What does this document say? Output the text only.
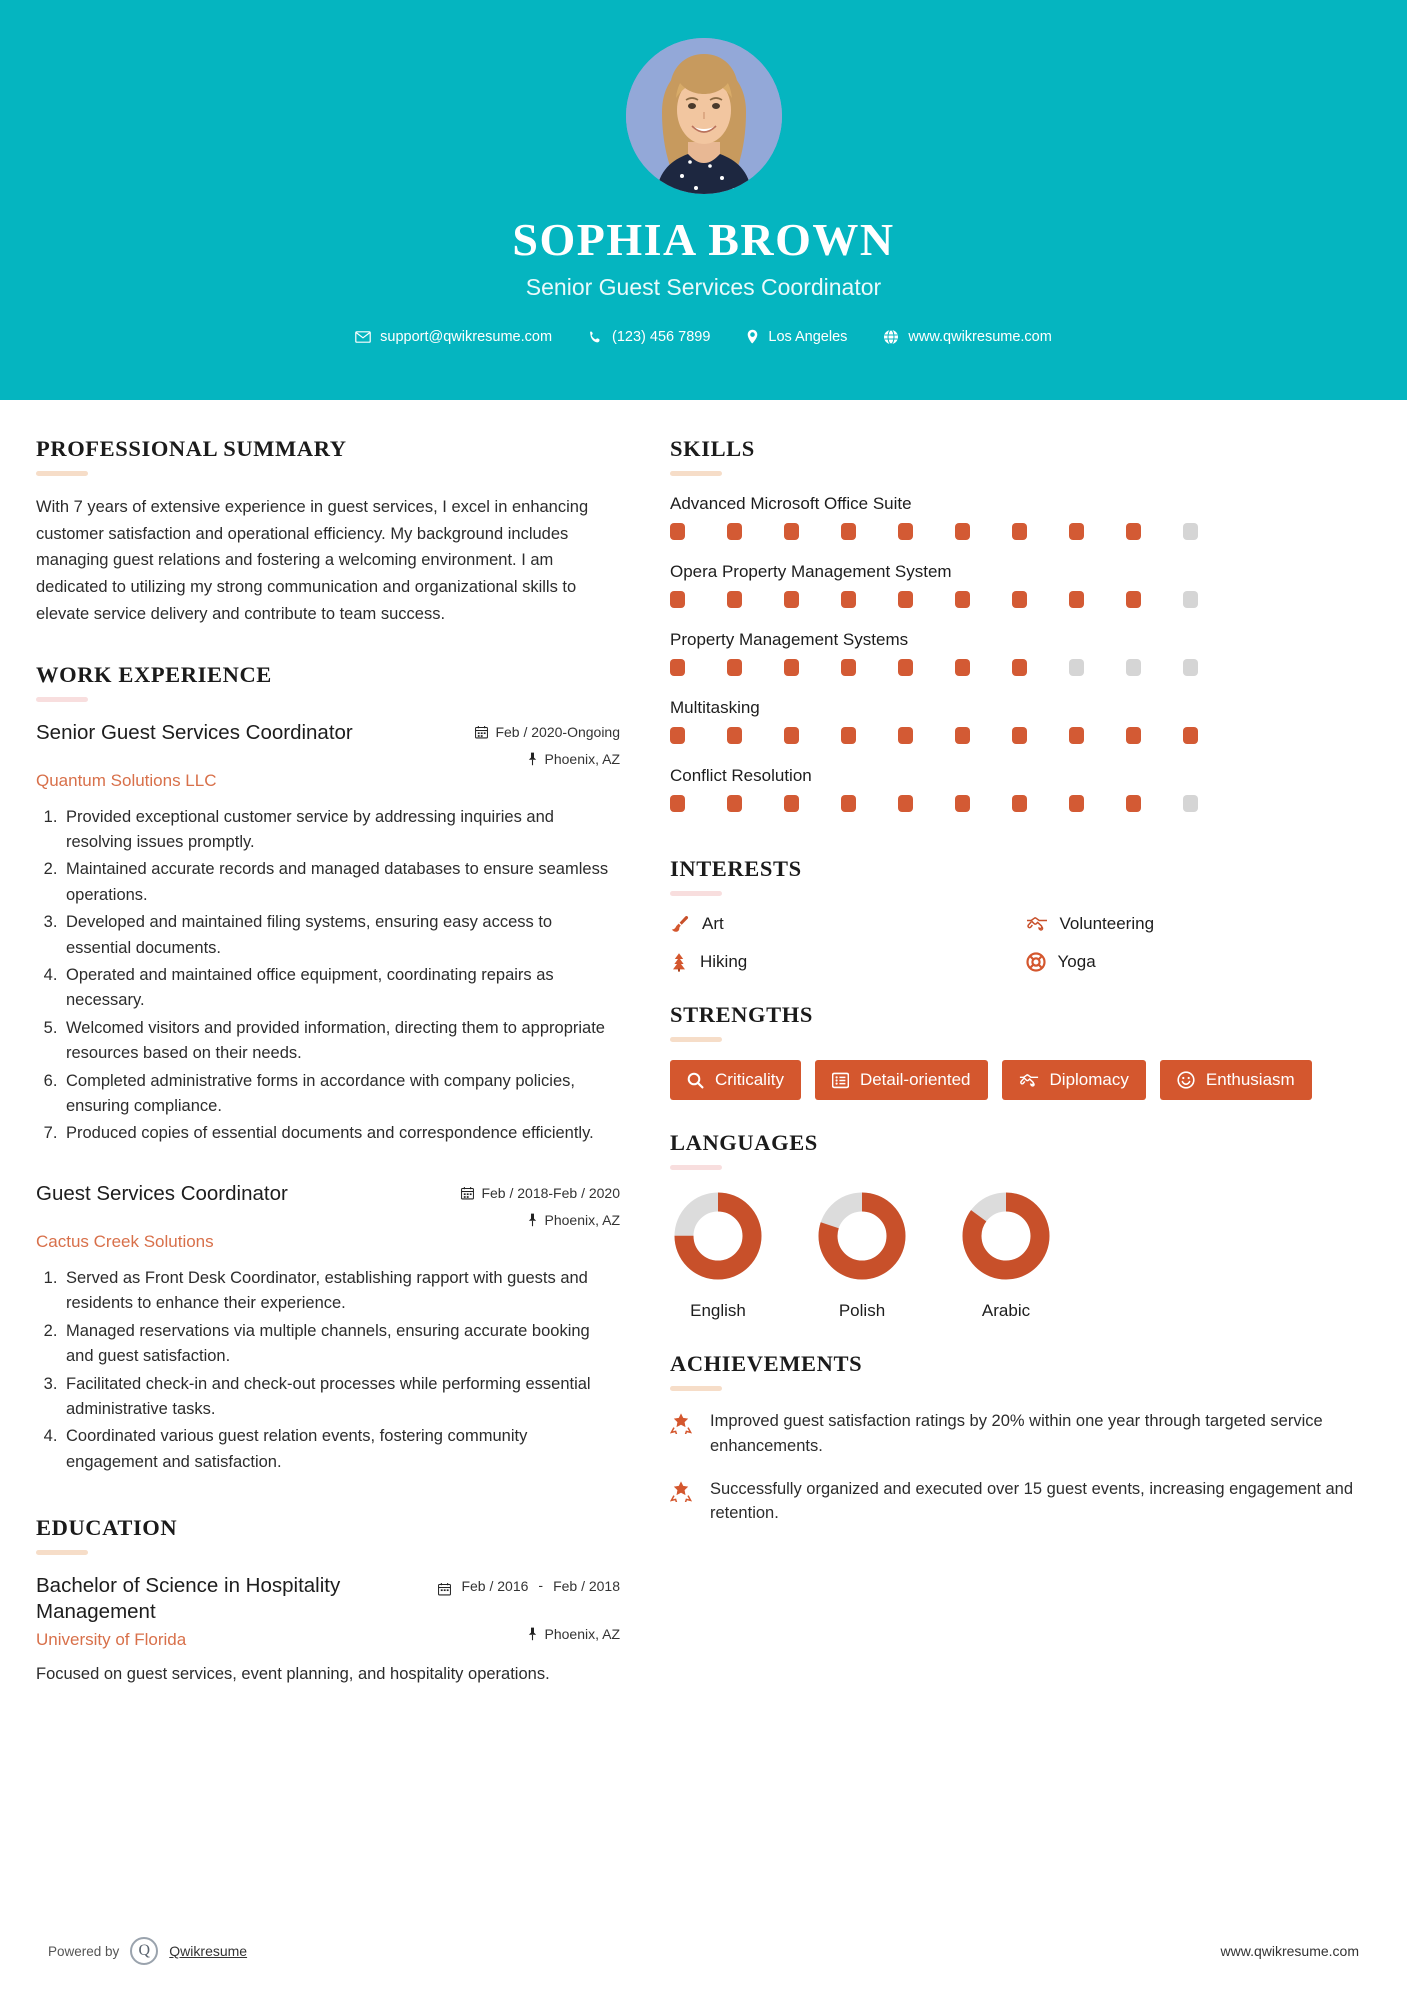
SOPHIA BROWN
Senior Guest Services Coordinator
support@qwikresume.com	(123) 456 7899	Los Angeles	www.qwikresume.com
PROFESSIONAL SUMMARY

With 7 years of extensive experience in guest services, I excel in enhancing customer satisfaction and operational efficiency. My background includes managing guest relations and fostering a welcoming environment. I am dedicated to utilizing my strong communication and organizational skills to elevate service delivery and contribute to team success.

WORK EXPERIENCE
Senior Guest Services Coordinator	Feb / 2020-Ongoing
Phoenix, AZ
Quantum Solutions LLC
1. Provided exceptional customer service by addressing inquiries and resolving issues promptly.
2. Maintained accurate records and managed databases to ensure seamless operations.
3. Developed and maintained filing systems, ensuring easy access to essential documents.
4. Operated and maintained office equipment, coordinating repairs as necessary.
5. Welcomed visitors and provided information, directing them to appropriate resources based on their needs.
6. Completed administrative forms in accordance with company policies, ensuring compliance.
7. Produced copies of essential documents and correspondence efficiently.
Guest Services Coordinator	Feb / 2018-Feb / 2020
Phoenix, AZ
Cactus Creek Solutions
1. Served as Front Desk Coordinator, establishing rapport with guests and residents to enhance their experience.
2. Managed reservations via multiple channels, ensuring accurate booking and guest satisfaction.
3. Facilitated check-in and check-out processes while performing essential administrative tasks.
4. Coordinated various guest relation events, fostering community engagement and satisfaction.
EDUCATION
Bachelor of Science in Hospitality Management
Feb / 2016 - Feb / 2018
University of Florida	Phoenix, AZ
Focused on guest services, event planning, and hospitality operations.
SKILLS
Advanced Microsoft Office Suite
Opera Property Management System
Property Management Systems
Multitasking
Conflict Resolution
INTERESTS
Art	Volunteering
Hiking	Yoga
STRENGTHS
Criticality	Detail-oriented	Diplomacy	Enthusiasm
LANGUAGES
English	Polish	Arabic
ACHIEVEMENTS
Improved guest satisfaction ratings by 20% within one year through targeted service enhancements.
Successfully organized and executed over 15 guest events, increasing engagement and retention.
Powered by Q Qwikresume	www.qwikresume.com
